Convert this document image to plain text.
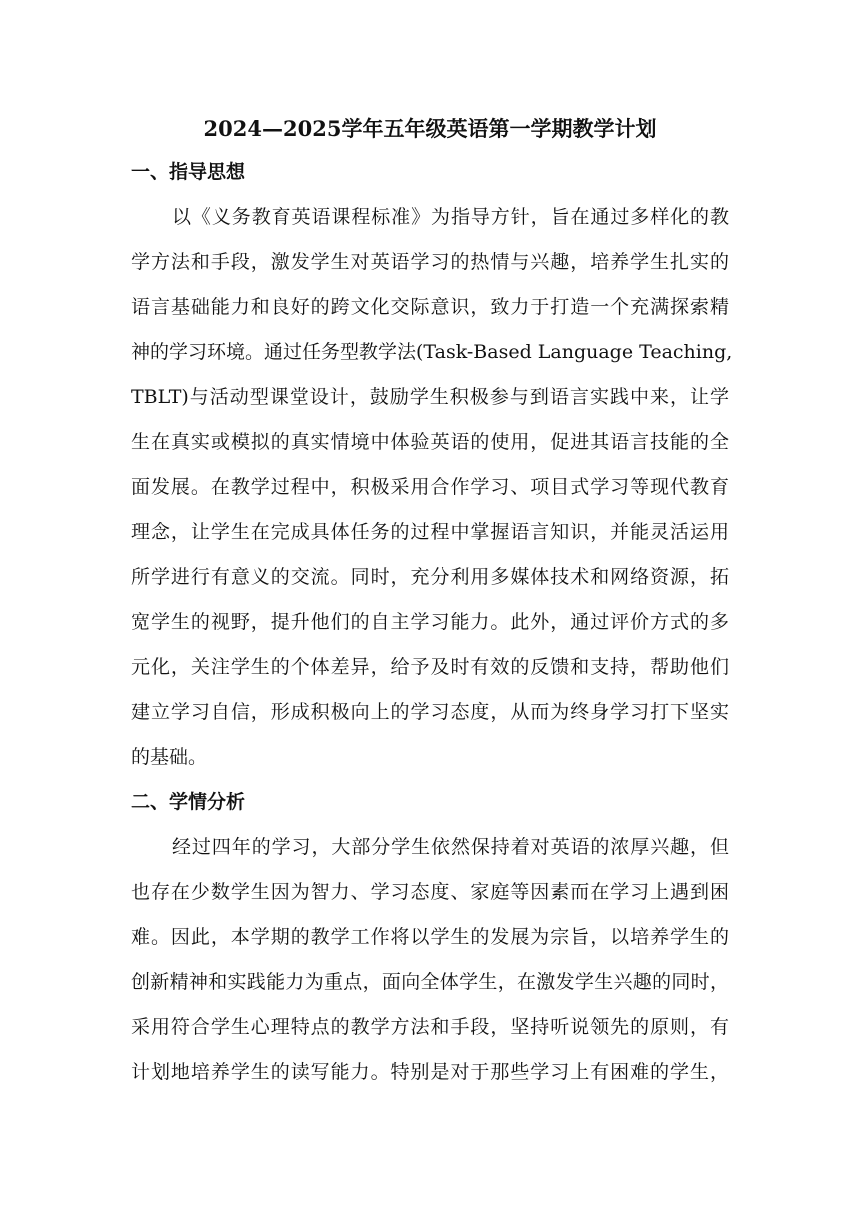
2024—2025学年五年级英语第一学期教学计划
一、指导思想
以《义务教育英语课程标准》为指导方针，旨在通过多样化的教
学方法和手段，激发学生对英语学习的热情与兴趣，培养学生扎实的
语言基础能力和良好的跨文化交际意识，致力于打造一个充满探索精
神的学习环境。通过任务型教学法(Task-Based Language Teaching,
TBLT)与活动型课堂设计，鼓励学生积极参与到语言实践中来，让学
生在真实或模拟的真实情境中体验英语的使用，促进其语言技能的全
面发展。在教学过程中，积极采用合作学习、项目式学习等现代教育
理念，让学生在完成具体任务的过程中掌握语言知识，并能灵活运用
所学进行有意义的交流。同时，充分利用多媒体技术和网络资源，拓
宽学生的视野，提升他们的自主学习能力。此外，通过评价方式的多
元化，关注学生的个体差异，给予及时有效的反馈和支持，帮助他们
建立学习自信，形成积极向上的学习态度，从而为终身学习打下坚实
的基础。
二、学情分析
经过四年的学习，大部分学生依然保持着对英语的浓厚兴趣，但
也存在少数学生因为智力、学习态度、家庭等因素而在学习上遇到困
难。因此，本学期的教学工作将以学生的发展为宗旨，以培养学生的
创新精神和实践能力为重点，面向全体学生，在激发学生兴趣的同时，
采用符合学生心理特点的教学方法和手段，坚持听说领先的原则，有
计划地培养学生的读写能力。特别是对于那些学习上有困难的学生，
